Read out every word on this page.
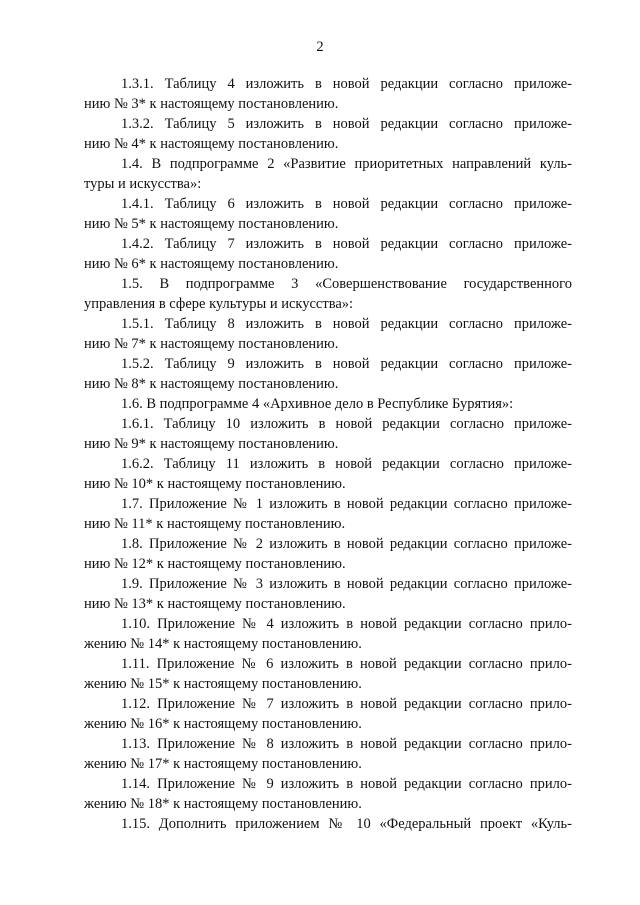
2
1.3.1. Таблицу 4 изложить в новой редакции согласно приложе-
нию № 3* к настоящему постановлению.
1.3.2. Таблицу 5 изложить в новой редакции согласно приложе-
нию № 4* к настоящему постановлению.
1.4. В подпрограмме 2 «Развитие приоритетных направлений куль-
туры и искусства»:
1.4.1. Таблицу 6 изложить в новой редакции согласно приложе-
нию № 5* к настоящему постановлению.
1.4.2. Таблицу 7 изложить в новой редакции согласно приложе-
нию № 6* к настоящему постановлению.
1.5. В подпрограмме 3 «Совершенствование государственного
управления в сфере культуры и искусства»:
1.5.1. Таблицу 8 изложить в новой редакции согласно приложе-
нию № 7* к настоящему постановлению.
1.5.2. Таблицу 9 изложить в новой редакции согласно приложе-
нию № 8* к настоящему постановлению.
1.6. В подпрограмме 4 «Архивное дело в Республике Бурятия»:
1.6.1. Таблицу 10 изложить в новой редакции согласно приложе-
нию № 9* к настоящему постановлению.
1.6.2. Таблицу 11 изложить в новой редакции согласно приложе-
нию № 10* к настоящему постановлению.
1.7. Приложение № 1 изложить в новой редакции согласно приложе-
нию № 11* к настоящему постановлению.
1.8. Приложение № 2 изложить в новой редакции согласно приложе-
нию № 12* к настоящему постановлению.
1.9. Приложение № 3 изложить в новой редакции согласно приложе-
нию № 13* к настоящему постановлению.
1.10. Приложение № 4 изложить в новой редакции согласно прило-
жению № 14* к настоящему постановлению.
1.11. Приложение № 6 изложить в новой редакции согласно прило-
жению № 15* к настоящему постановлению.
1.12. Приложение № 7 изложить в новой редакции согласно прило-
жению № 16* к настоящему постановлению.
1.13. Приложение № 8 изложить в новой редакции согласно прило-
жению № 17* к настоящему постановлению.
1.14. Приложение № 9 изложить в новой редакции согласно прило-
жению № 18* к настоящему постановлению.
1.15. Дополнить приложением № 10 «Федеральный проект «Куль-
